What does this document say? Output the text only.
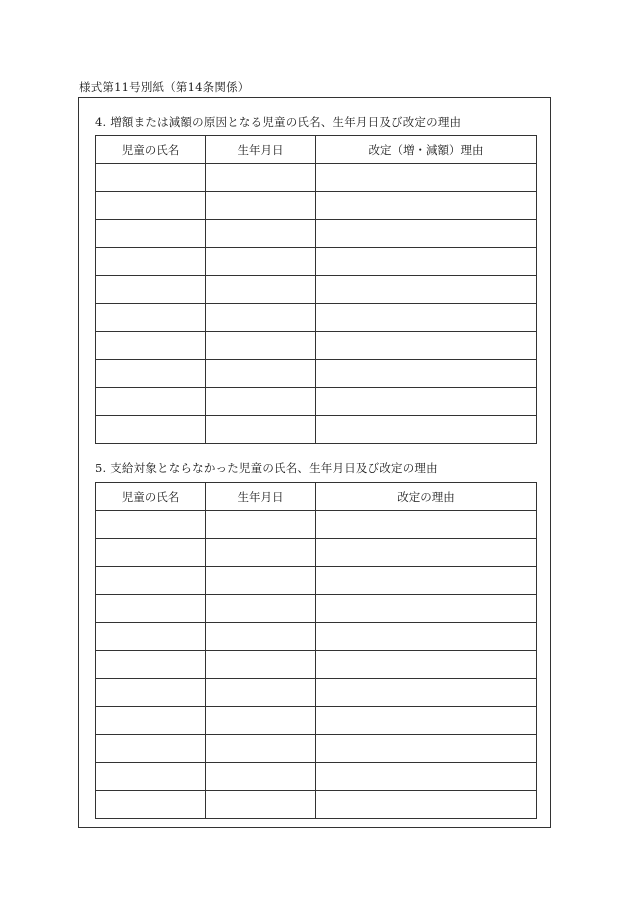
様式第11号別紙（第14条関係）
4. 増額または減額の原因となる児童の氏名、生年月日及び改定の理由
児童の氏名	生年月日	改定（増・減額）理由

5. 支給対象とならなかった児童の氏名、生年月日及び改定の理由
児童の氏名	生年月日	改定の理由
